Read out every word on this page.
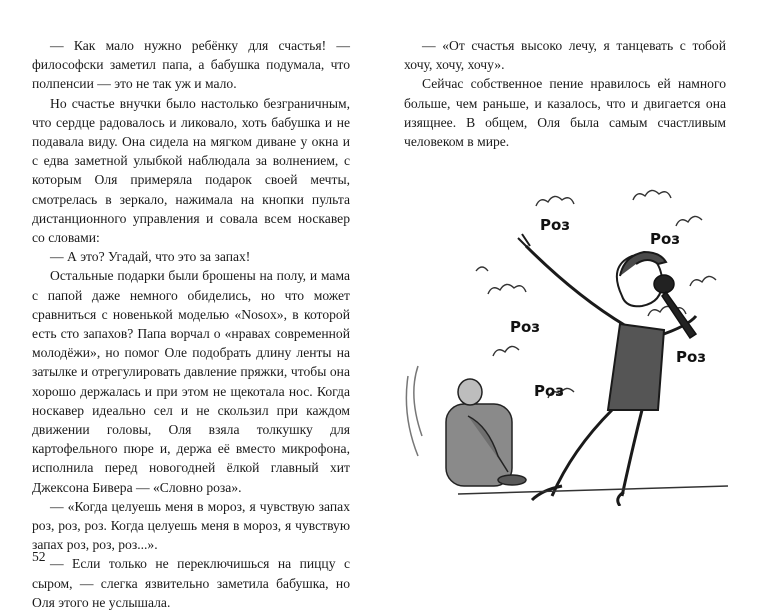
— Как мало нужно ребёнку для счастья! — философски заметил папа, а бабушка подумала, что полпенсии — это не так уж и мало.

Но счастье внучки было настолько безграничным, что сердце радовалось и ликовало, хоть бабушка и не подавала виду. Она сидела на мягком диване у окна и с едва заметной улыбкой наблюдала за волнением, с которым Оля примеряла подарок своей мечты, смотрелась в зеркало, нажимала на кнопки пульта дистанционного управления и совала всем носкавер со словами:

— А это? Угадай, что это за запах!

Остальные подарки были брошены на полу, и мама с папой даже немного обиделись, но что может сравниться с новенькой моделью «Nosox», в которой есть сто запахов? Папа ворчал о «нравах современной молодёжи», но помог Оле подобрать длину ленты на затылке и отрегулировать давление пряжки, чтобы она хорошо держалась и при этом не щекотала нос. Когда носкавер идеально сел и не скользил при каждом движении головы, Оля взяла толкушку для картофельного пюре и, держа её вместо микрофона, исполнила перед новогодней ёлкой главный хит Джексона Бивера — «Словно роза».

— «Когда целуешь меня в мороз, я чувствую запах роз, роз, роз. Когда целуешь меня в мороз, я чувствую запах роз, роз, роз...».

— Если только не переключишься на пиццу с сыром, — слегка язвительно заметила бабушка, но Оля этого не услышала.

— «От счастья высоко лечу, я танцевать с тобой хочу, хочу, хочу».

Сейчас собственное пение нравилось ей намного больше, чем раньше, и казалось, что и двигается она изящнее. В общем, Оля была самым счастливым человеком в мире.

52
Роз
Роз
Роз
Роз
Роз
